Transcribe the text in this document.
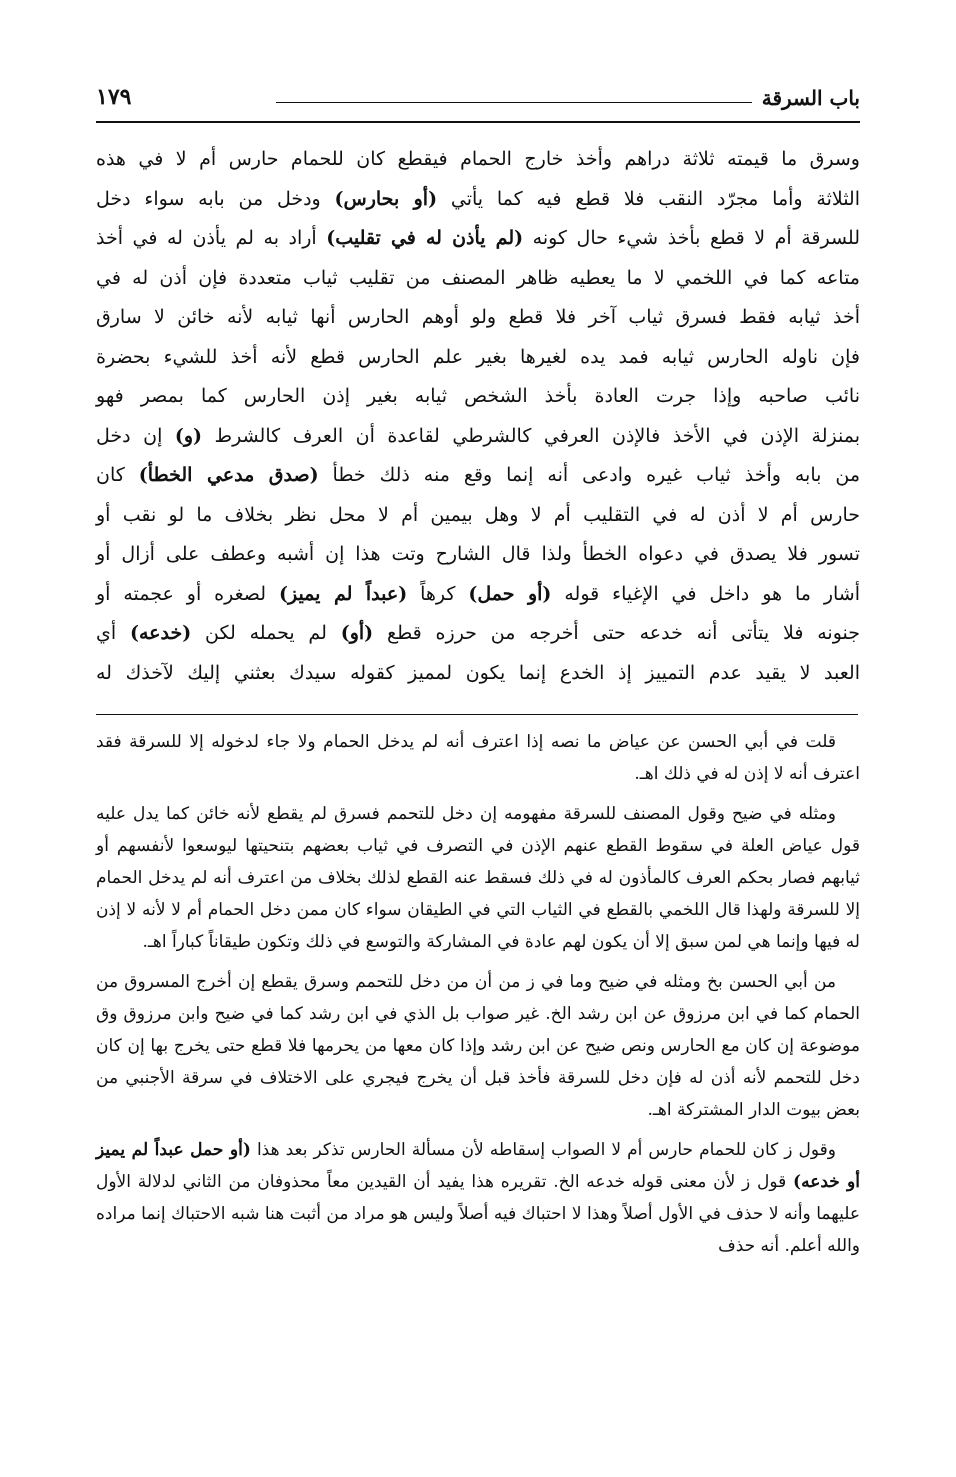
باب السرقة
١٧٩

وسرق ما قيمته ثلاثة دراهم وأخذ خارج الحمام فيقطع كان للحمام حارس أم لا في هذه

الثلاثة وأما مجرّد النقب فلا قطع فيه كما يأتي (أو بحارس) ودخل من بابه سواء دخل

للسرقة أم لا قطع بأخذ شيء حال كونه (لم يأذن له في تقليب) أراد به لم يأذن له في أخذ

متاعه كما في اللخمي لا ما يعطيه ظاهر المصنف من تقليب ثياب متعددة فإن أذن له في

أخذ ثيابه فقط فسرق ثياب آخر فلا قطع ولو أوهم الحارس أنها ثيابه لأنه خائن لا سارق

فإن ناوله الحارس ثيابه فمد يده لغيرها بغير علم الحارس قطع لأنه أخذ للشيء بحضرة

نائب صاحبه وإذا جرت العادة بأخذ الشخص ثيابه بغير إذن الحارس كما بمصر فهو

بمنزلة الإذن في الأخذ فالإذن العرفي كالشرطي لقاعدة أن العرف كالشرط (و) إن دخل

من بابه وأخذ ثياب غيره وادعى أنه إنما وقع منه ذلك خطأ (صدق مدعي الخطأ) كان

حارس أم لا أذن له في التقليب أم لا وهل بيمين أم لا محل نظر بخلاف ما لو نقب أو

تسور فلا يصدق في دعواه الخطأ ولذا قال الشارح وتت هذا إن أشبه وعطف على أزال أو

أشار ما هو داخل في الإغياء قوله (أو حمل) كرهاً (عبداً لم يميز) لصغره أو عجمته أو

جنونه فلا يتأتى أنه خدعه حتى أخرجه من حرزه قطع (أو) لم يحمله لكن (خدعه) أي

العبد لا يقيد عدم التمييز إذ الخدع إنما يكون لمميز كقوله سيدك بعثني إليك لآخذك له

قلت في أبي الحسن عن عياض ما نصه إذا اعترف أنه لم يدخل الحمام ولا جاء لدخوله إلا للسرقة فقد اعترف أنه لا إذن له في ذلك اهـ.

ومثله في ضيح وقول المصنف للسرقة مفهومه إن دخل للتحمم فسرق لم يقطع لأنه خائن كما يدل عليه قول عياض العلة في سقوط القطع عنهم الإذن في التصرف في ثياب بعضهم بتنحيتها ليوسعوا لأنفسهم أو ثيابهم فصار بحكم العرف كالمأذون له في ذلك فسقط عنه القطع لذلك بخلاف من اعترف أنه لم يدخل الحمام إلا للسرقة ولهذا قال اللخمي بالقطع في الثياب التي في الطيقان سواء كان ممن دخل الحمام أم لا لأنه لا إذن له فيها وإنما هي لمن سبق إلا أن يكون لهم عادة في المشاركة والتوسع في ذلك وتكون طيقاناً كباراً اهـ.

من أبي الحسن بخ ومثله في ضيح وما في ز من أن من دخل للتحمم وسرق يقطع إن أخرج المسروق من الحمام كما في ابن مرزوق عن ابن رشد الخ. غير صواب بل الذي في ابن رشد كما في ضيح وابن مرزوق وق موضوعة إن كان مع الحارس ونص ضيح عن ابن رشد وإذا كان معها من يحرمها فلا قطع حتى يخرج بها إن كان دخل للتحمم لأنه أذن له فإن دخل للسرقة فأخذ قبل أن يخرج فيجري على الاختلاف في سرقة الأجنبي من بعض بيوت الدار المشتركة اهـ.

وقول ز كان للحمام حارس أم لا الصواب إسقاطه لأن مسألة الحارس تذكر بعد هذا (أو حمل عبداً لم يميز أو خدعه) قول ز لأن معنى قوله خدعه الخ. تقريره هذا يفيد أن القيدين معاً محذوفان من الثاني لدلالة الأول عليهما وأنه لا حذف في الأول أصلاً وهذا لا احتباك فيه أصلاً وليس هو مراد من أثبت هنا شبه الاحتباك إنما مراده والله أعلم. أنه حذف
